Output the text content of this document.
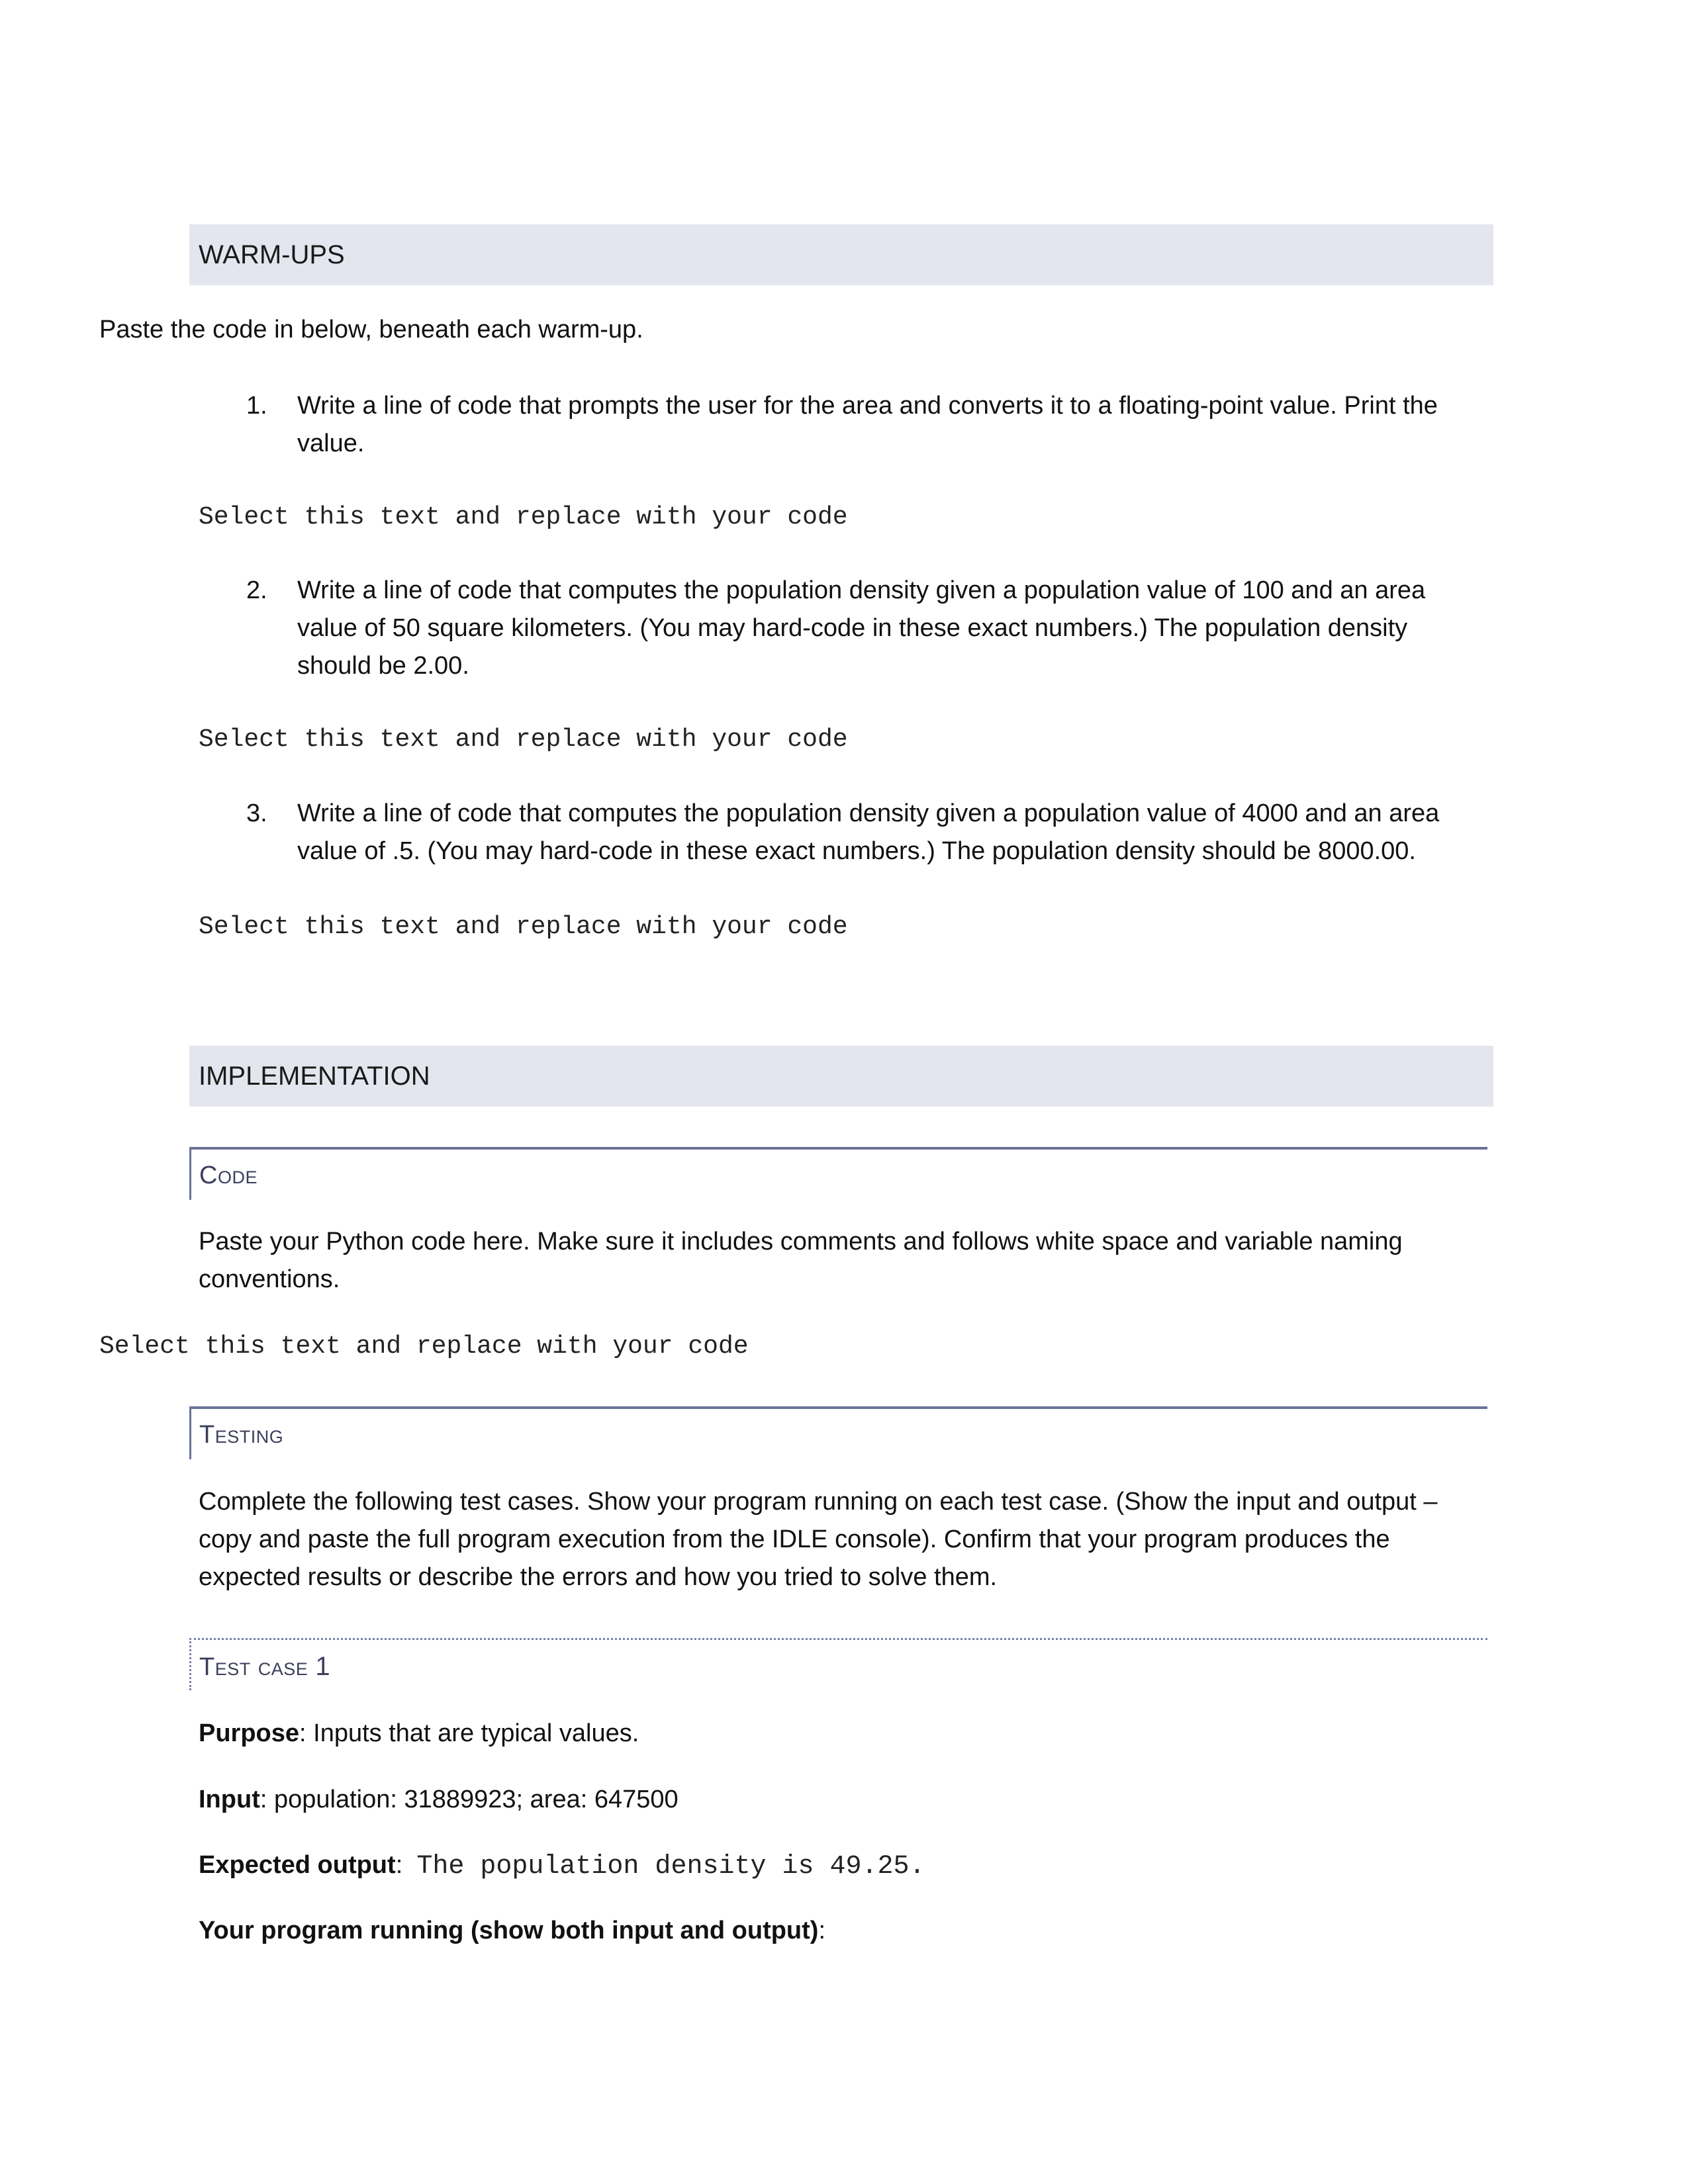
WARM-UPS
Paste the code in below, beneath each warm-up.
1. Write a line of code that prompts the user for the area and converts it to a floating-point value. Print the
value.
Select this text and replace with your code
2. Write a line of code that computes the population density given a population value of 100 and an area
value of 50 square kilometers. (You may hard-code in these exact numbers.) The population density
should be 2.00.
Select this text and replace with your code
3. Write a line of code that computes the population density given a population value of 4000 and an area
value of .5. (You may hard-code in these exact numbers.) The population density should be 8000.00.
Select this text and replace with your code
IMPLEMENTATION
Code
Paste your Python code here. Make sure it includes comments and follows white space and variable naming
conventions.
Select this text and replace with your code
Testing
Complete the following test cases. Show your program running on each test case. (Show the input and output –
copy and paste the full program execution from the IDLE console). Confirm that your program produces the
expected results or describe the errors and how you tried to solve them.
Test case 1
Purpose: Inputs that are typical values.
Input: population: 31889923; area: 647500
Expected output:  The population density is 49.25.
Your program running (show both input and output):
